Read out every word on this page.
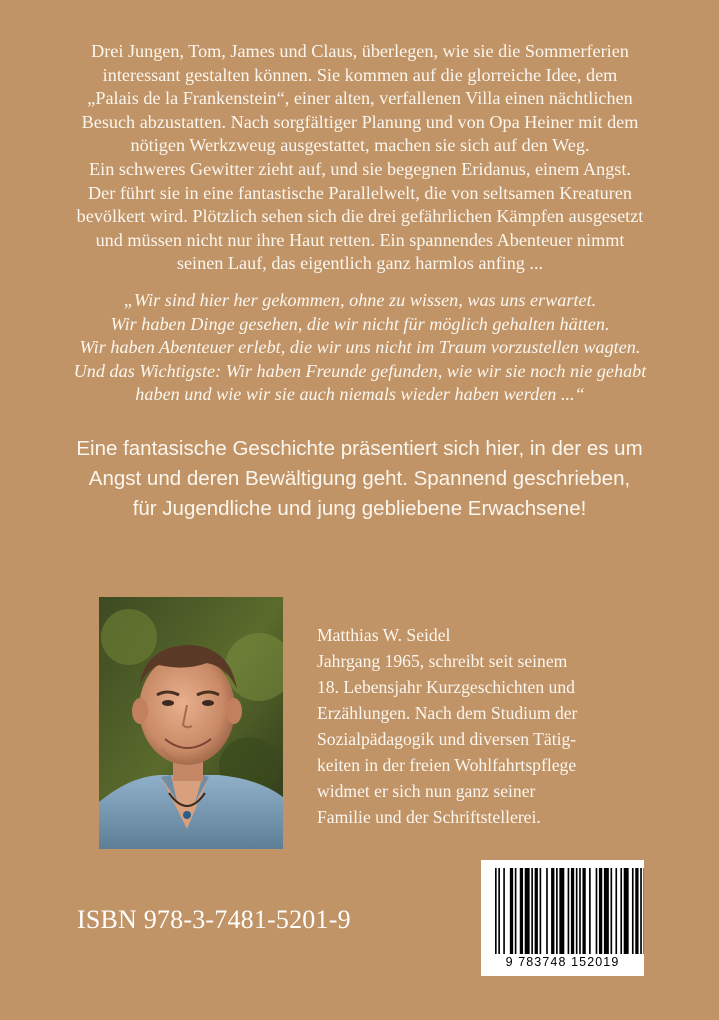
Drei Jungen, Tom, James und Claus, überlegen, wie sie die Sommerferien

interessant gestalten können. Sie kommen auf die glorreiche Idee, dem

„Palais de la Frankenstein“, einer alten, verfallenen Villa einen nächtlichen

Besuch abzustatten. Nach sorgfältiger Planung und von Opa Heiner mit dem

nötigen Werkzweug ausgestattet, machen sie sich auf den Weg.

Ein schweres Gewitter zieht auf, und sie begegnen Eridanus, einem Angst.

Der führt sie in eine fantastische Parallelwelt, die von seltsamen Kreaturen

bevölkert wird. Plötzlich sehen sich die drei gefährlichen Kämpfen ausgesetzt

und müssen nicht nur ihre Haut retten. Ein spannendes Abenteuer nimmt

seinen Lauf, das eigentlich ganz harmlos anfing ...

„Wir sind hier her gekommen, ohne zu wissen, was uns erwartet.

Wir haben Dinge gesehen, die wir nicht für möglich gehalten hätten.

Wir haben Abenteuer erlebt, die wir uns nicht im Traum vorzustellen wagten.

Und das Wichtigste: Wir haben Freunde gefunden, wie wir sie noch nie gehabt

haben und wie wir sie auch niemals wieder haben werden ...“

Eine fantasische Geschichte präsentiert sich hier, in der es um

Angst und deren Bewältigung geht. Spannend geschrieben,

für Jugendliche und jung gebliebene Erwachsene!

Matthias W. Seidel

Jahrgang 1965, schreibt seit seinem

18. Lebensjahr Kurzgeschichten und

Erzählungen. Nach dem Studium der

Sozialpädagogik und diversen Tätig-

keiten in der freien Wohlfahrtspflege

widmet er sich nun ganz seiner

Familie und der Schriftstellerei.

ISBN 978-3-7481-5201-9
9 783748 152019
